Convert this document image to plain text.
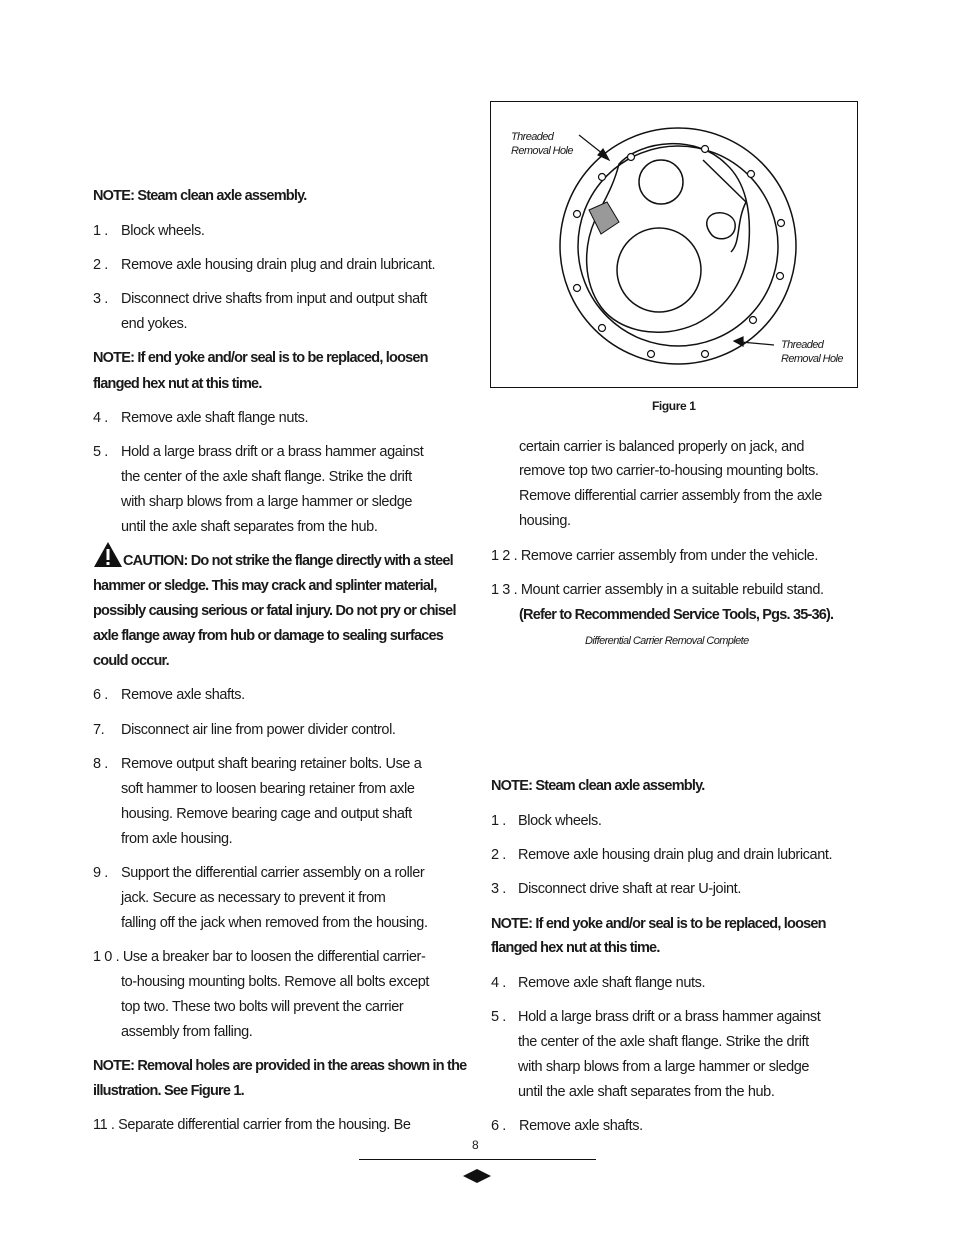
NOTE: Steam clean axle assembly.
1 . Block wheels.
2 . Remove axle housing drain plug and drain lubricant.
3 . Disconnect drive shafts from input and output shaft
end yokes.
NOTE: If end yoke and/or seal is to be replaced, loosen
flanged hex nut at this time.
4 . Remove axle shaft flange nuts.
5 . Hold a large brass drift or a brass hammer against
the center of the axle shaft flange. Strike the drift
with sharp blows from a large hammer or sledge
until the axle shaft separates from the hub.
CAUTION: Do not strike the flange directly with a steel
hammer or sledge. This may crack and splinter material,
possibly causing serious or fatal injury. Do not pry or chisel
axle flange away from hub or damage to sealing surfaces
could occur.
6 . Remove axle shafts.
7. Disconnect air line from power divider control.
8 . Remove output shaft bearing retainer bolts. Use a
soft hammer to loosen bearing retainer from axle
housing. Remove bearing cage and output shaft
from axle housing.
9 . Support the differential carrier assembly on a roller
jack. Secure as necessary to prevent it from
falling off the jack when removed from the housing.
1 0 . Use a breaker bar to loosen the differential carrier-
to-housing mounting bolts. Remove all bolts except
top two. These two bolts will prevent the carrier
assembly from falling.
NOTE: Removal holes are provided in the areas shown in the
illustration. See Figure 1.
11 . Separate differential carrier from the housing. Be
Threaded
Removal Hole
Threaded
Removal Hole
Figure 1
certain carrier is balanced properly on jack, and
remove top two carrier-to-housing mounting bolts.
Remove differential carrier assembly from the axle
housing.
1 2 . Remove carrier assembly from under the vehicle.
1 3 . Mount carrier assembly in a suitable rebuild stand.
(Refer to Recommended Service Tools, Pgs. 35-36).
Differential Carrier Removal Complete
NOTE: Steam clean axle assembly.
1 . Block wheels.
2 . Remove axle housing drain plug and drain lubricant.
3 . Disconnect drive shaft at rear U-joint.
NOTE: If end yoke and/or seal is to be replaced, loosen
flanged hex nut at this time.
4 . Remove axle shaft flange nuts.
5 . Hold a large brass drift or a brass hammer against
the center of the axle shaft flange. Strike the drift
with sharp blows from a large hammer or sledge
until the axle shaft separates from the hub.
6 . Remove axle shafts.
8
